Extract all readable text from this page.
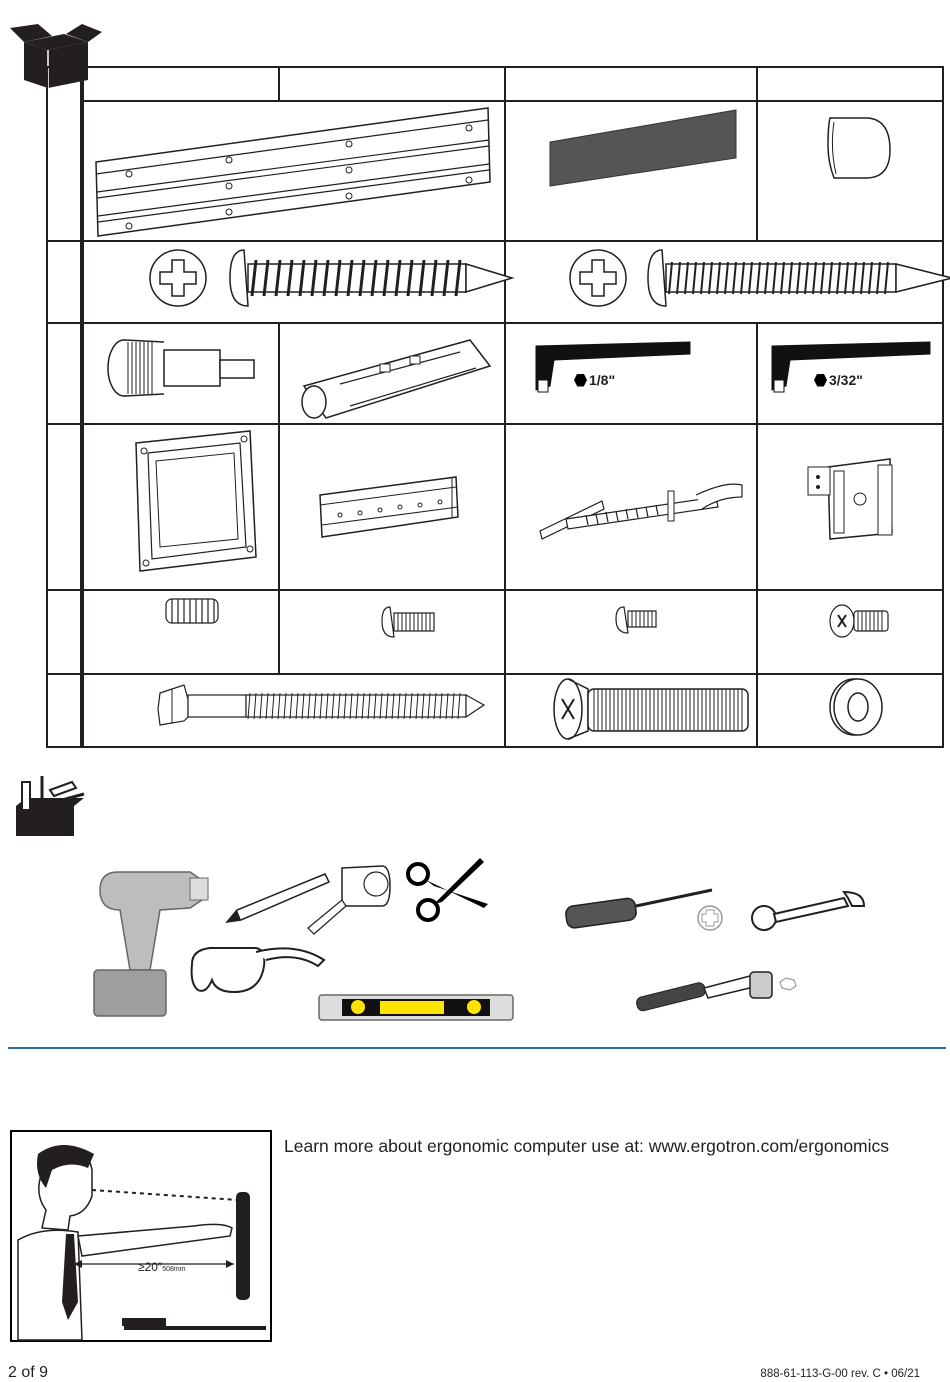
1/8"	3/32"
≥20″508mm
Learn more about ergonomic computer use at: www.ergotron.com/ergonomics
2 of 9	888-61-113-G-00 rev. C • 06/21
